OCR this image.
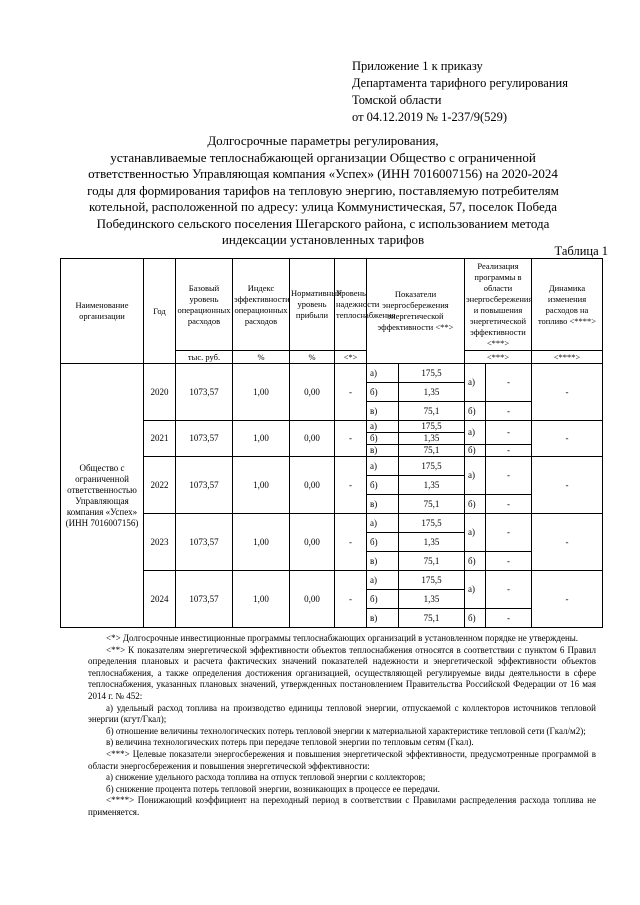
Приложение 1 к приказу
Департамента тарифного регулирования
Томской области
от 04.12.2019 № 1-237/9(529)
Долгосрочные параметры регулирования,
устанавливаемые теплоснабжающей организации Общество с ограниченной
ответственностью Управляющая компания «Успех» (ИНН 7016007156) на 2020-2024
годы для формирования тарифов на тепловую энергию, поставляемую потребителям
котельной, расположенной по адресу: улица Коммунистическая, 57, поселок Победа
Побединского сельского поселения Шегарского района, с использованием метода
индексации установленных тарифов
Таблица 1
Наименование организации	Год	Базовый уровень операционных расходов	Индекс эффективности операционных расходов	Нормативный уровень прибыли	Уровень надежности теплоснабжения	Показатели энергосбережения энергетической эффективности <**>		Реализация программы в области энергосбережения и повышения энергетической эффективности <***>		Динамика изменения расходов на топливо <****>
		тыс. руб.	%	%	<*>			<***>		<****>
Общество с ограниченной ответственностью Управляющая компания «Успех» (ИНН 7016007156)	2020	1073,57	1,00	0,00	-	а)	175,5	а)	-	-
						б)	1,35			
						в)	75,1	б)	-	
	2021	1073,57	1,00	0,00	-	а)	175,5	а)	-	-
						б)	1,35			
						в)	75,1	б)	-	
	2022	1073,57	1,00	0,00	-	а)	175,5	а)	-	-
						б)	1,35			
						в)	75,1	б)	-	
	2023	1073,57	1,00	0,00	-	а)	175,5	а)	-	-
						б)	1,35			
						в)	75,1	б)	-	
	2024	1073,57	1,00	0,00	-	а)	175,5	а)	-	-
						б)	1,35			
						в)	75,1	б)	-	

<*> Долгосрочные инвестиционные программы теплоснабжающих организаций в установленном порядке не утверждены.

<**> К показателям энергетической эффективности объектов теплоснабжения относятся в соответствии с пунктом 6 Правил определения плановых и расчета фактических значений показателей надежности и энергетической эффективности объектов теплоснабжения, а также определения достижения организацией, осуществляющей регулируемые виды деятельности в сфере теплоснабжения, указанных плановых значений, утвержденных постановлением Правительства Российской Федерации от 16 мая 2014 г. № 452:

а) удельный расход топлива на производство единицы тепловой энергии, отпускаемой с коллекторов источников тепловой энергии (кгут/Гкал);

б) отношение величины технологических потерь тепловой энергии к материальной характеристике тепловой сети (Гкал/м2);

в) величина технологических потерь при передаче тепловой энергии по тепловым сетям (Гкал).

<***> Целевые показатели энергосбережения и повышения энергетической эффективности, предусмотренные программой в области энергосбережения и повышения энергетической эффективности:

а) снижение удельного расхода топлива на отпуск тепловой энергии с коллекторов;

б) снижение процента потерь тепловой энергии, возникающих в процессе ее передачи.

<****> Понижающий коэффициент на переходный период в соответствии с Правилами распределения расхода топлива не применяется.
